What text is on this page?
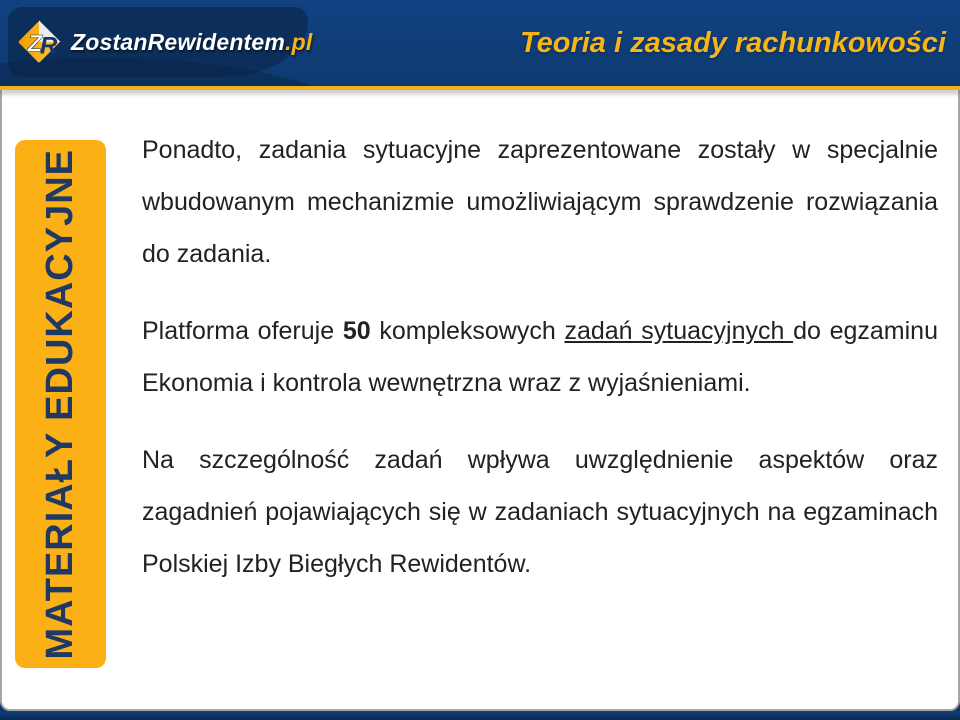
Z
R ZostanRewidentem.pl	Teoria i zasady rachunkowości
MATERIAŁY EDUKACYJNE Ponadto, zadania sytuacyjne zaprezentowane zostały w specjalnie wbudowanym mechanizmie umożliwiającym sprawdzenie rozwiązania do zadania.

Platforma oferuje 50 kompleksowych zadań sytuacyjnych do egzaminu Ekonomia i kontrola wewnętrzna wraz z wyjaśnieniami.

Na szczególność zadań wpływa uwzględnienie aspektów oraz zagadnień pojawiających się w zadaniach sytuacyjnych na egzaminach Polskiej Izby Biegłych Rewidentów.
